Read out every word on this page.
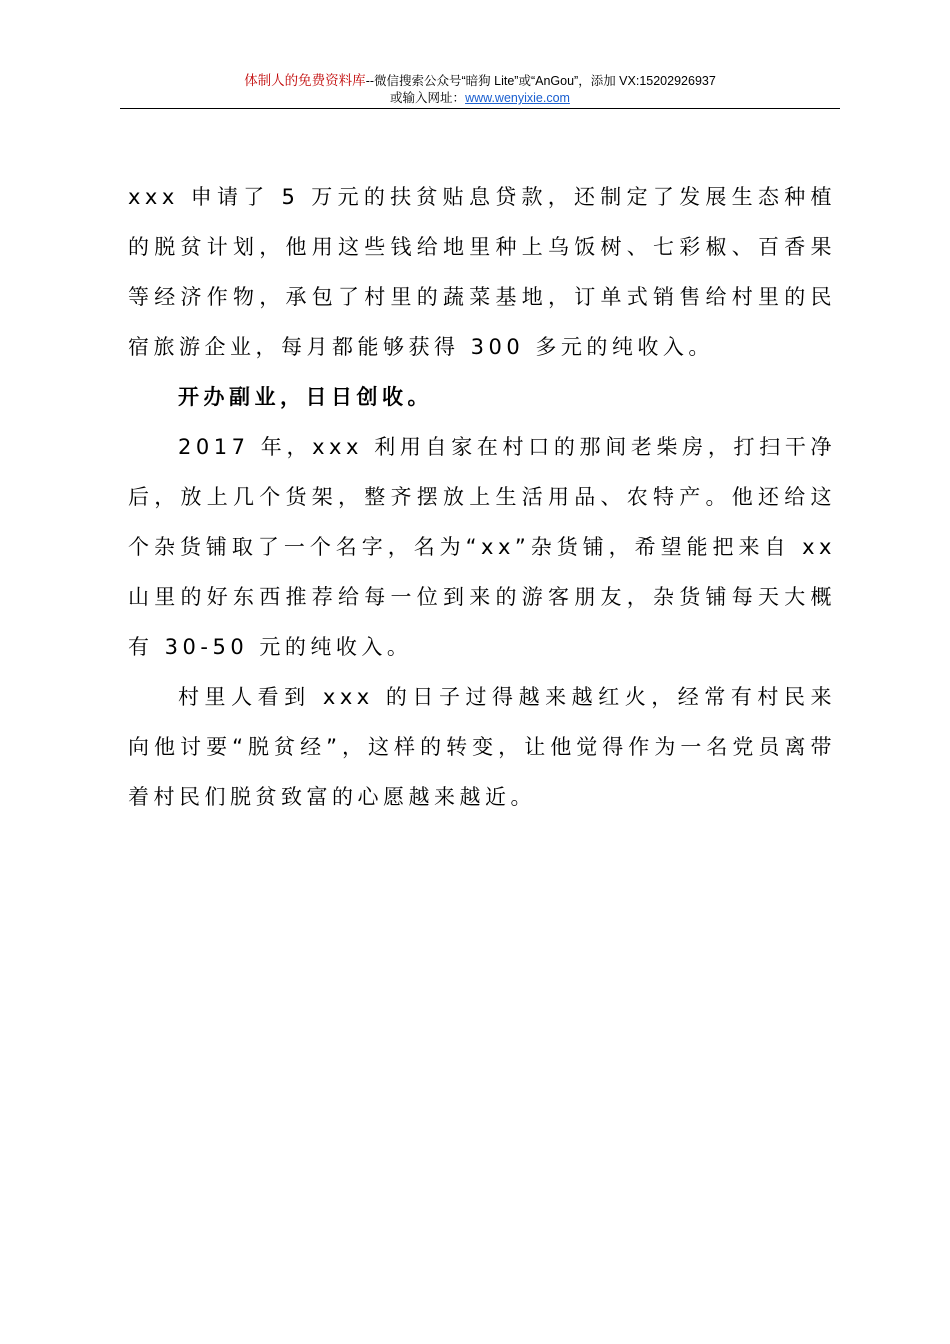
体制人的免费资料库--微信搜索公众号“暗狗 Lite”或“AnGou”，添加 VX:15202926937
或输入网址：www.wenyixie.com

xxx 申请了 5 万元的扶贫贴息贷款，还制定了发展生态种植的脱贫计划，他用这些钱给地里种上乌饭树、七彩椒、百香果等经济作物，承包了村里的蔬菜基地，订单式销售给村里的民宿旅游企业，每月都能够获得 300 多元的纯收入。

开办副业，日日创收。

2017 年，xxx 利用自家在村口的那间老柴房，打扫干净后，放上几个货架，整齐摆放上生活用品、农特产。他还给这个杂货铺取了一个名字，名为“xx”杂货铺，希望能把来自 xx 山里的好东西推荐给每一位到来的游客朋友，杂货铺每天大概有 30-50 元的纯收入。

村里人看到 xxx 的日子过得越来越红火，经常有村民来向他讨要“脱贫经”，这样的转变，让他觉得作为一名党员离带着村民们脱贫致富的心愿越来越近。
